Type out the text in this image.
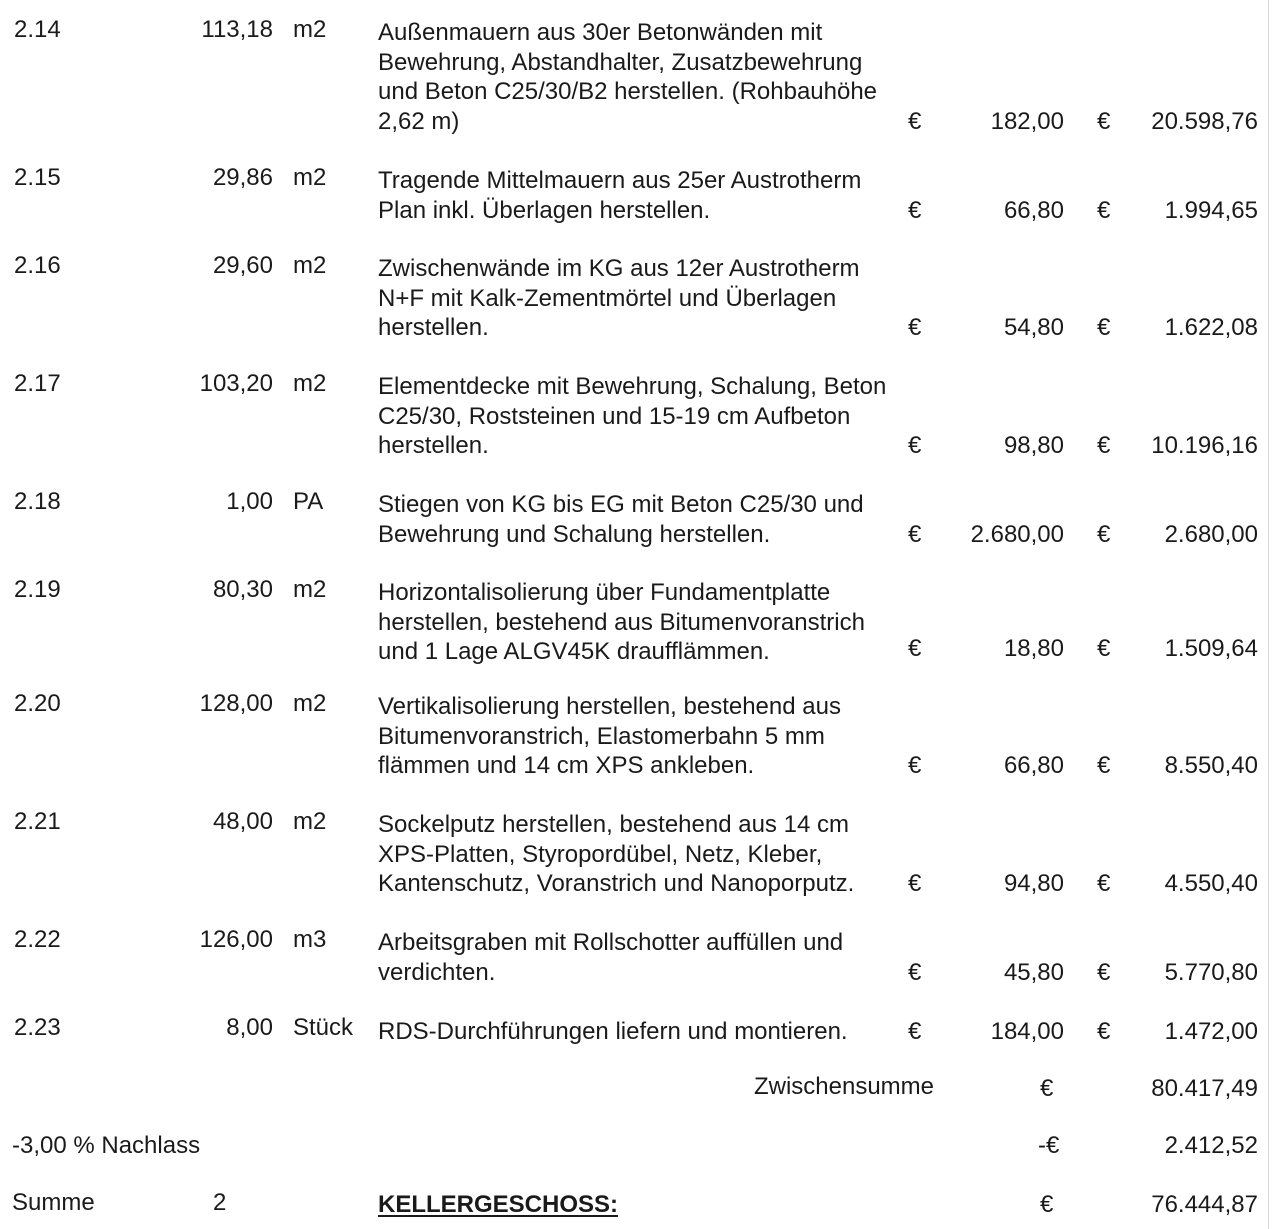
2.14	113,18 m2 Außenmauern aus 30er Betonwänden mit Bewehrung, Abstandhalter, Zusatzbewehrung und Beton C25/30/B2 herstellen. (Rohbauhöhe 2,62 m)	€	182,00 € 20.598,76
2.15	29,86 m2 Tragende Mittelmauern aus 25er Austrotherm Plan inkl. Überlagen herstellen.	€	66,80 € 1.994,65
2.16	29,60 m2 Zwischenwände im KG aus 12er Austrotherm N+F mit Kalk-Zementmörtel und Überlagen herstellen.	€	54,80 € 1.622,08
2.17	103,20 m2 Elementdecke mit Bewehrung, Schalung, Beton C25/30, Roststeinen und 15-19 cm Aufbeton herstellen.	€	98,80 € 10.196,16
2.18	1,00 PA Stiegen von KG bis EG mit Beton C25/30 und Bewehrung und Schalung herstellen.	€ 2.680,00 € 2.680,00
2.19	80,30 m2 Horizontalisolierung über Fundamentplatte herstellen, bestehend aus Bitumenvoranstrich und 1 Lage ALGV45K draufflämmen.	€	18,80 € 1.509,64
2.20	128,00 m2 Vertikalisolierung herstellen, bestehend aus Bitumenvoranstrich, Elastomerbahn 5 mm flämmen und 14 cm XPS ankleben.	€	66,80 € 8.550,40
2.21	48,00 m2 Sockelputz herstellen, bestehend aus 14 cm XPS-Platten, Styropordübel, Netz, Kleber, Kantenschutz, Voranstrich und Nanoporputz.	€	94,80 € 4.550,40
2.22	126,00 m3 Arbeitsgraben mit Rollschotter auffüllen und verdichten.	€	45,80 € 5.770,80
2.23	8,00 Stück RDS-Durchführungen liefern und montieren.	€	184,00 € 1.472,00
Zwischensumme	€	80.417,49
-3,00 % Nachlass	-€	2.412,52
Summe	2	KELLERGESCHOSS:	€	76.444,87
